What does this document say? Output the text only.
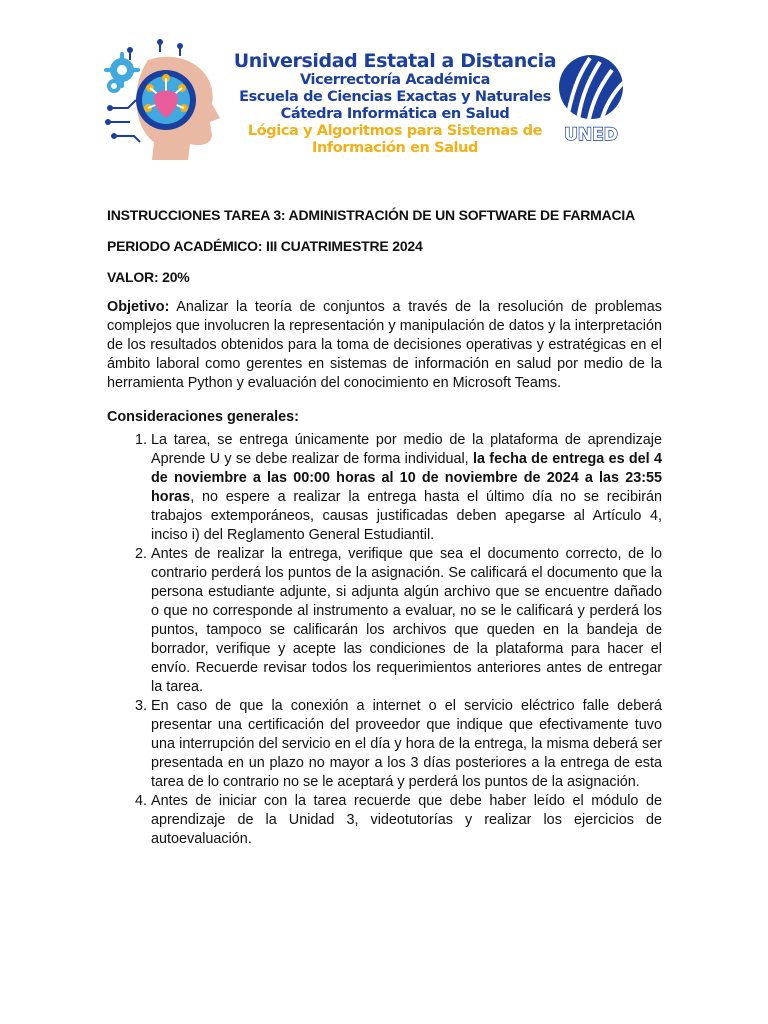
Universidad Estatal a Distancia
Vicerrectoría Académica
Escuela de Ciencias Exactas y Naturales
Cátedra Informática en Salud
Lógica y Algoritmos para Sistemas de
Información en Salud
UNED

INSTRUCCIONES TAREA 3: ADMINISTRACIÓN DE UN SOFTWARE DE FARMACIA

PERIODO ACADÉMICO: III CUATRIMESTRE 2024

VALOR: 20%

Objetivo: Analizar la teoría de conjuntos a través de la resolución de problemas complejos que involucren la representación y manipulación de datos y la interpretación de los resultados obtenidos para la toma de decisiones operativas y estratégicas en el ámbito laboral como gerentes en sistemas de información en salud por medio de la herramienta Python y evaluación del conocimiento en Microsoft Teams.

Consideraciones generales:

1. La tarea, se entrega únicamente por medio de la plataforma de aprendizaje Aprende U y se debe realizar de forma individual, la fecha de entrega es del 4 de noviembre a las 00:00 horas al 10 de noviembre de 2024 a las 23:55 horas, no espere a realizar la entrega hasta el último día no se recibirán trabajos extemporáneos, causas justificadas deben apegarse al Artículo 4, inciso i) del Reglamento General Estudiantil.
2. Antes de realizar la entrega, verifique que sea el documento correcto, de lo contrario perderá los puntos de la asignación. Se calificará el documento que la persona estudiante adjunte, si adjunta algún archivo que se encuentre dañado o que no corresponde al instrumento a evaluar, no se le calificará y perderá los puntos, tampoco se calificarán los archivos que queden en la bandeja de borrador, verifique y acepte las condiciones de la plataforma para hacer el envío. Recuerde revisar todos los requerimientos anteriores antes de entregar la tarea.
3. En caso de que la conexión a internet o el servicio eléctrico falle deberá presentar una certificación del proveedor que indique que efectivamente tuvo una interrupción del servicio en el día y hora de la entrega, la misma deberá ser presentada en un plazo no mayor a los 3 días posteriores a la entrega de esta tarea de lo contrario no se le aceptará y perderá los puntos de la asignación.
4. Antes de iniciar con la tarea recuerde que debe haber leído el módulo de aprendizaje de la Unidad 3, videotutorías y realizar los ejercicios de autoevaluación.
